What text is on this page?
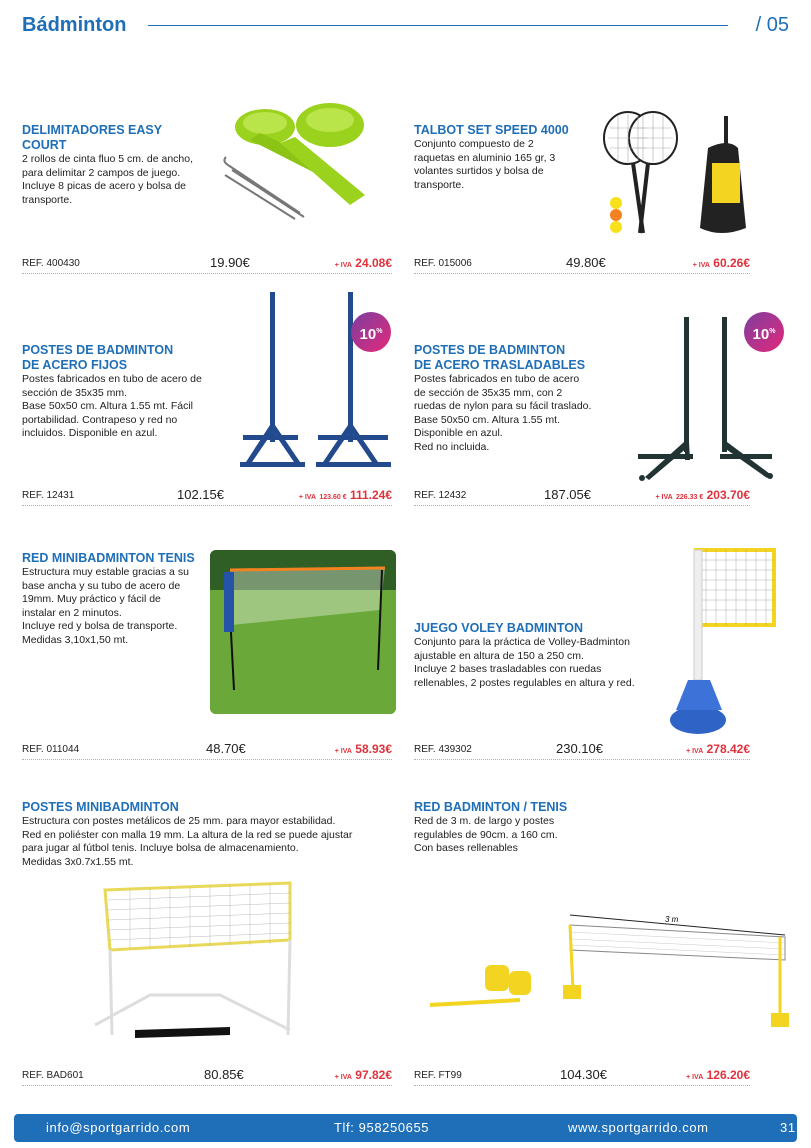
Bádminton	/ 05
DELIMITADORES EASY
COURT
2 rollos de cinta fluo 5 cm. de ancho,
para delimitar 2 campos de juego.
Incluye 8 picas de acero y bolsa de
transporte.
REF. 400430	19.90€	+ IVA 24.08€
TALBOT SET SPEED 4000
Conjunto compuesto de 2
raquetas en aluminio 165 gr, 3
volantes surtidos y bolsa de
transporte.
REF. 015006	49.80€	+ IVA 60.26€
POSTES DE BADMINTON
DE ACERO FIJOS
Postes fabricados en tubo de acero de
sección de 35x35 mm.
Base 50x50 cm. Altura 1.55 mt. Fácil
portabilidad. Contrapeso y red no
incluidos. Disponible en azul.
10%
REF. 12431	102.15€	+ IVA 123.60 € 111.24€
POSTES DE BADMINTON
DE ACERO TRASLADABLES
Postes fabricados en tubo de acero
de sección de 35x35 mm, con 2
ruedas de nylon para su fácil traslado.
Base 50x50 cm. Altura 1.55 mt.
Disponible en azul.
Red no incluida.
10%
REF. 12432	187.05€	+ IVA 226.33 € 203.70€
RED MINIBADMINTON TENIS
Estructura muy estable gracias a su
base ancha y su tubo de acero de
19mm. Muy práctico y fácil de
instalar en 2 minutos.
Incluye red y bolsa de transporte.
Medidas 3,10x1,50 mt.
REF. 011044	48.70€	+ IVA 58.93€
JUEGO VOLEY BADMINTON
Conjunto para la práctica de Volley-Badminton
ajustable en altura de 150 a 250 cm.
Incluye 2 bases trasladables con ruedas
rellenables, 2 postes regulables en altura y red.
REF. 439302	230.10€	+ IVA 278.42€
POSTES MINIBADMINTON
Estructura con postes metálicos de 25 mm. para mayor estabilidad.
Red en poliéster con malla 19 mm. La altura de la red se puede ajustar
para jugar al fútbol tenis. Incluye bolsa de almacenamiento.
Medidas 3x0.7x1.55 mt.
REF. BAD601	80.85€	+ IVA 97.82€
RED BADMINTON / TENIS
Red de 3 m. de largo y postes
regulables de 90cm. a 160 cm.
Con bases rellenables
3 m
REF. FT99	104.30€	+ IVA 126.20€
info@sportgarrido.com	Tlf: 958250655	www.sportgarrido.com	31
